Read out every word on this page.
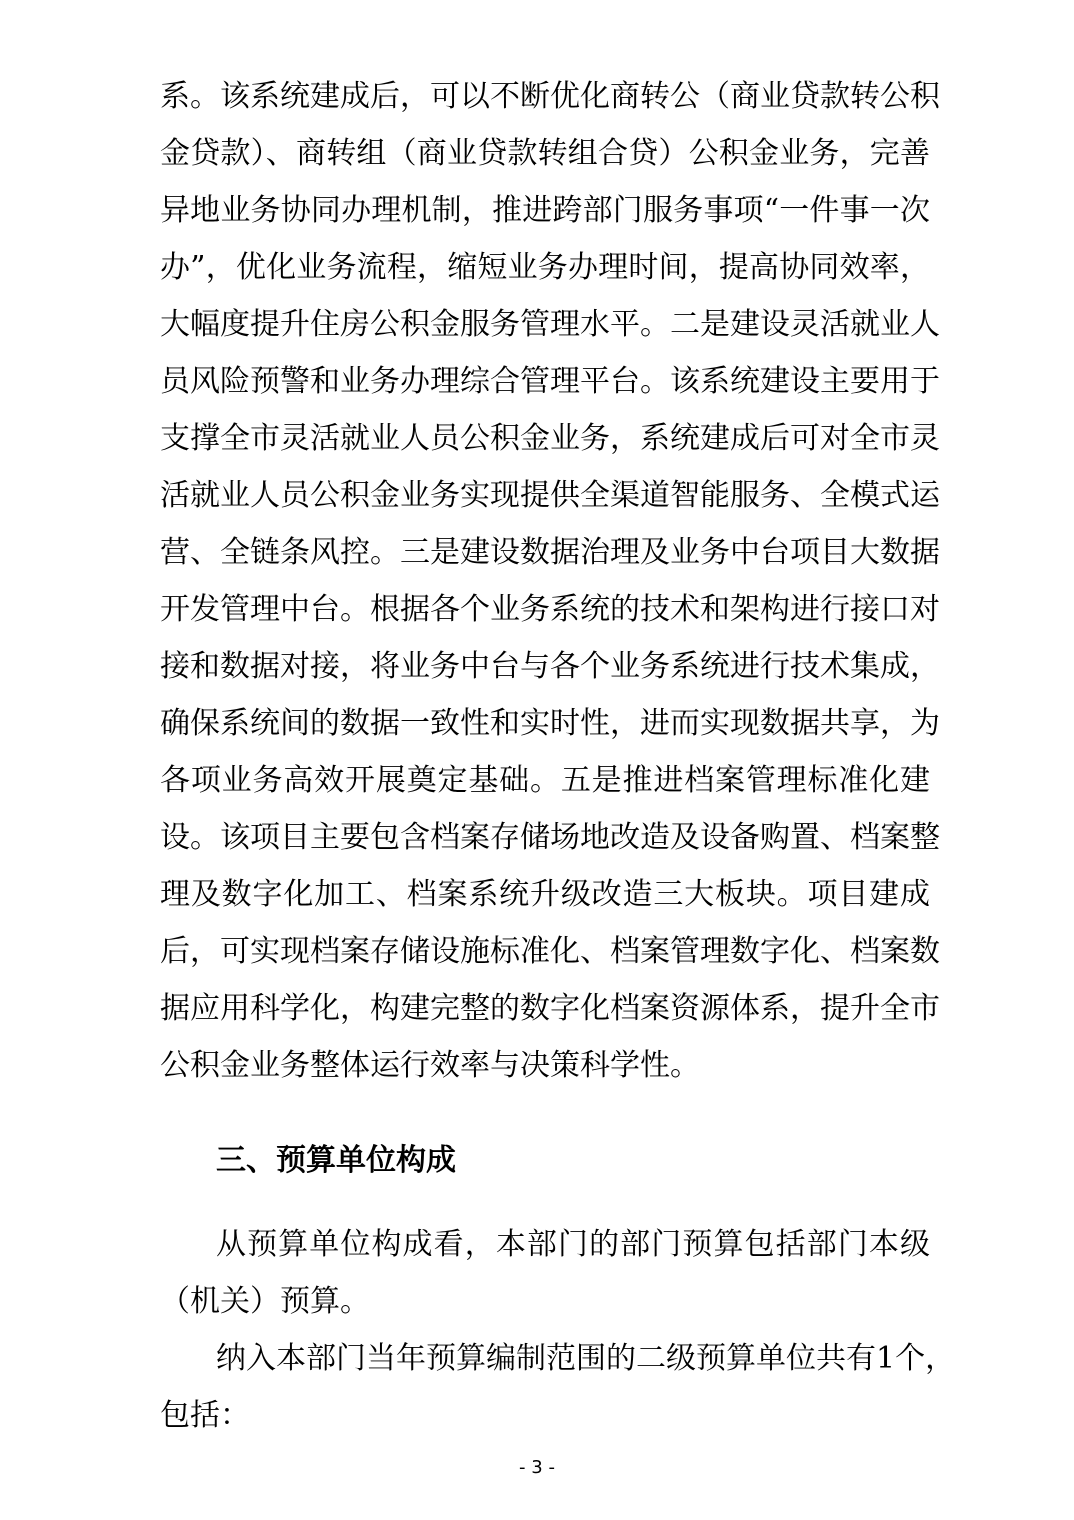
系。该系统建成后，可以不断优化商转公（商业贷款转公积
金贷款）、商转组（商业贷款转组合贷）公积金业务，完善
异地业务协同办理机制，推进跨部门服务事项“一件事一次
办”，优化业务流程，缩短业务办理时间，提高协同效率，
大幅度提升住房公积金服务管理水平。二是建设灵活就业人
员风险预警和业务办理综合管理平台。该系统建设主要用于
支撑全市灵活就业人员公积金业务，系统建成后可对全市灵
活就业人员公积金业务实现提供全渠道智能服务、全模式运
营、全链条风控。三是建设数据治理及业务中台项目大数据
开发管理中台。根据各个业务系统的技术和架构进行接口对
接和数据对接，将业务中台与各个业务系统进行技术集成，
确保系统间的数据一致性和实时性，进而实现数据共享，为
各项业务高效开展奠定基础。五是推进档案管理标准化建
设。该项目主要包含档案存储场地改造及设备购置、档案整
理及数字化加工、档案系统升级改造三大板块。项目建成
后，可实现档案存储设施标准化、档案管理数字化、档案数
据应用科学化，构建完整的数字化档案资源体系，提升全市
公积金业务整体运行效率与决策科学性。
三、预算单位构成
从预算单位构成看，本部门的部门预算包括部门本级
（机关）预算。
纳入本部门当年预算编制范围的二级预算单位共有1个，
包括：
- 3 -
